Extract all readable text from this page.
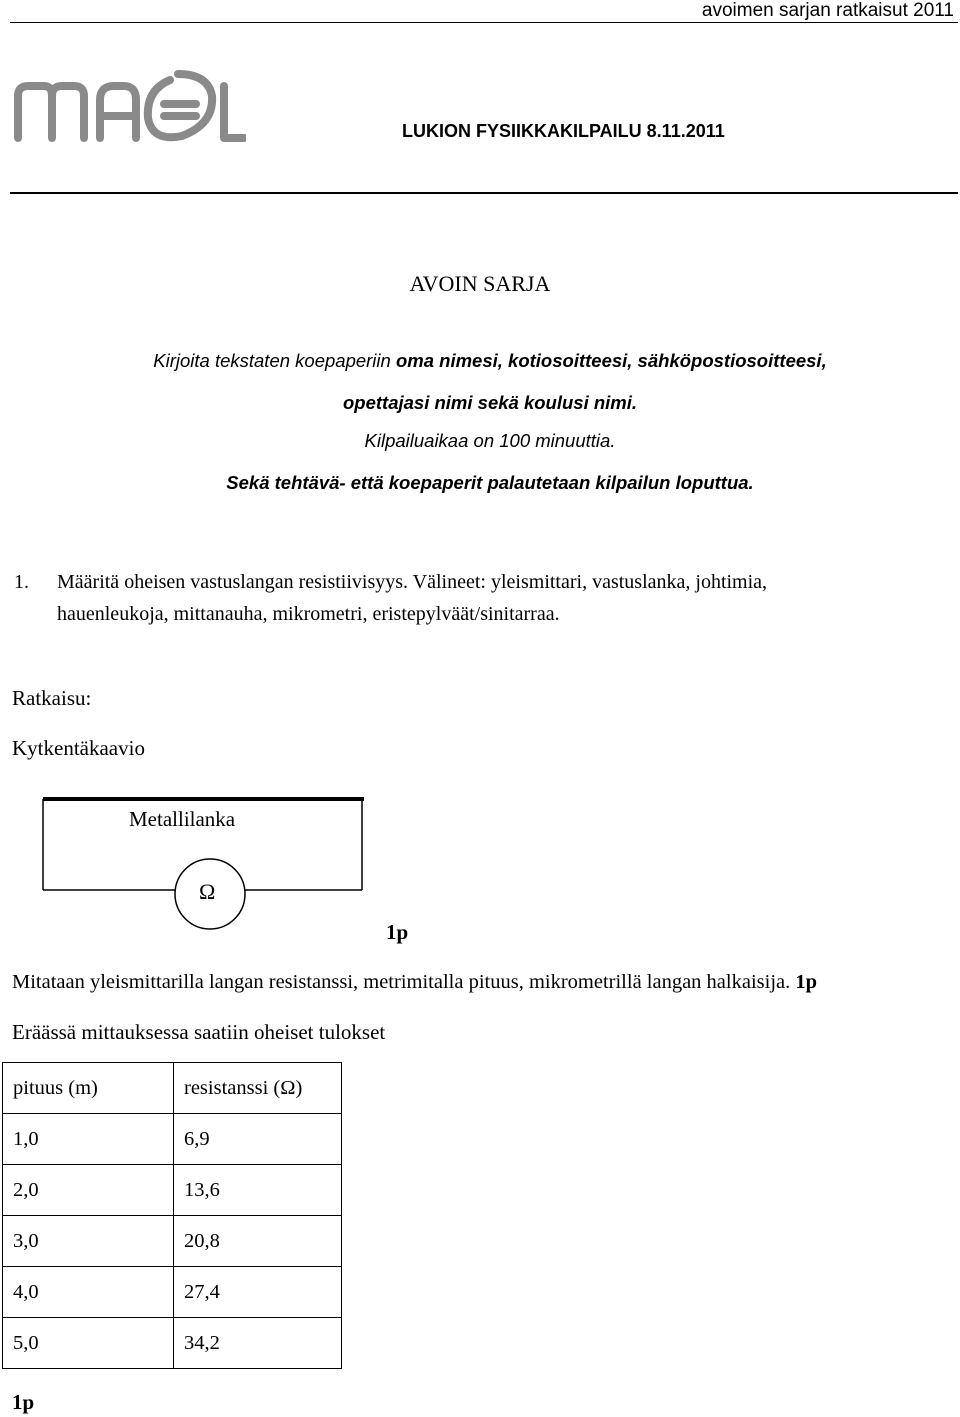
avoimen sarjan ratkaisut 2011
LUKION FYSIIKKAKILPAILU 8.11.2011
AVOIN SARJA
Kirjoita tekstaten koepaperiin oma nimesi, kotiosoitteesi, sähköpostiosoitteesi,
opettajasi nimi sekä koulusi nimi.
Kilpailuaikaa on 100 minuuttia.
Sekä tehtävä- että koepaperit palautetaan kilpailun loputtua.
1. Määritä oheisen vastuslangan resistiivisyys. Välineet: yleismittari, vastuslanka, johtimia,
hauenleukoja, mittanauha, mikrometri, eristepylväät/sinitarraa.
Ratkaisu:
Kytkentäkaavio
Metallilanka
Ω
1p
Mitataan yleismittarilla langan resistanssi, metrimitalla pituus, mikrometrillä langan halkaisija. 1p
Eräässä mittauksessa saatiin oheiset tulokset
pituus (m)	resistanssi (Ω)
1,0	6,9
2,0	13,6
3,0	20,8
4,0	27,4
5,0	34,2
1p
